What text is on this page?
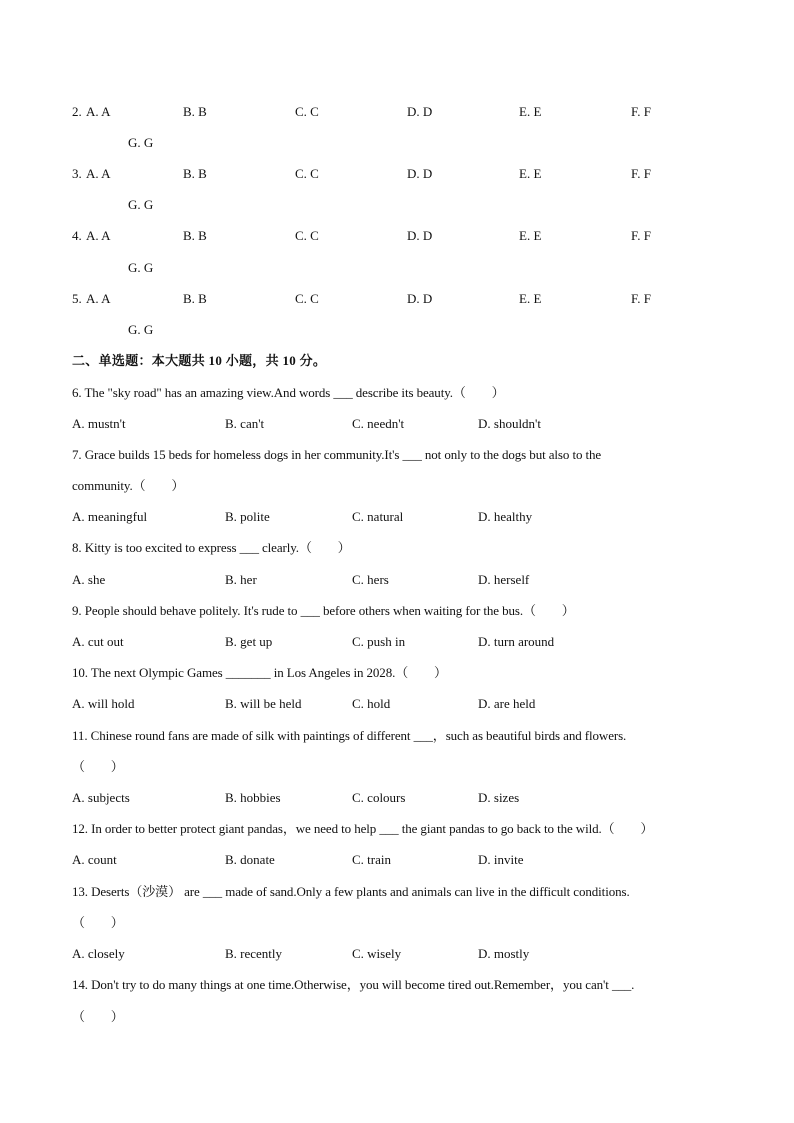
2. A. A	B. B	C. C	D. D	E. E	F. F
G. G
3. A. A	B. B	C. C	D. D	E. E	F. F
G. G
4. A. A	B. B	C. C	D. D	E. E	F. F
G. G
5. A. A	B. B	C. C	D. D	E. E	F. F
G. G
二、单选题：本大题共 10 小题，共 10 分。
6. The "sky road" has an amazing view.And words ___ describe its beauty.（　　）
A. mustn't	B. can't	C. needn't	D. shouldn't
7. Grace builds 15 beds for homeless dogs in her community.It's ___ not only to the dogs but also to the
community.（　　）
A. meaningful	B. polite	C. natural	D. healthy
8. Kitty is too excited to express ___ clearly.（　　）
A. she	B. her	C. hers	D. herself
9. People should behave politely. It's rude to ___ before others when waiting for the bus.（　　）
A. cut out	B. get up	C. push in	D. turn around
10. The next Olympic Games _______ in Los Angeles in 2028.（　　）
A. will hold	B. will be held	C. hold	D. are held
11. Chinese round fans are made of silk with paintings of different ___，such as beautiful birds and flowers.
（　　）
A. subjects	B. hobbies	C. colours	D. sizes
12. In order to better protect giant pandas，we need to help ___ the giant pandas to go back to the wild.（　　）
A. count	B. donate	C. train	D. invite
13. Deserts（沙漠） are ___ made of sand.Only a few plants and animals can live in the difficult conditions.
（　　）
A. closely	B. recently	C. wisely	D. mostly
14. Don't try to do many things at one time.Otherwise，you will become tired out.Remember，you can't ___.
（　　）
